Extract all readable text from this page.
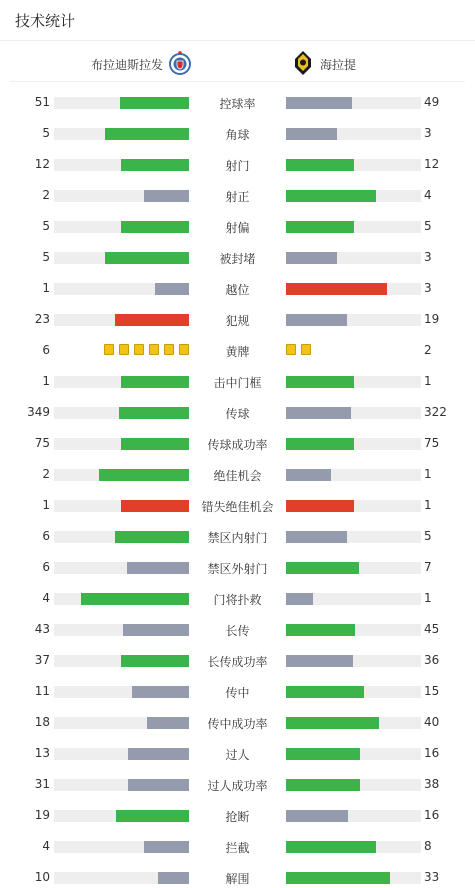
技术统计
布拉迪斯拉发	海拉提
51	控球率	49
5	角球	3
12	射门	12
2	射正	4
5	射偏	5
5	被封堵	3
1	越位	3
23	犯规	19
6	黄牌	2
1	击中门框	1
349	传球	322
75	传球成功率	75
2	绝佳机会	1
1	错失绝佳机会	1
6	禁区内射门	5
6	禁区外射门	7
4	门将扑救	1
43	长传	45
37	长传成功率	36
11	传中	15
18	传中成功率	40
13	过人	16
31	过人成功率	38
19	抢断	16
4	拦截	8
10	解围	33
